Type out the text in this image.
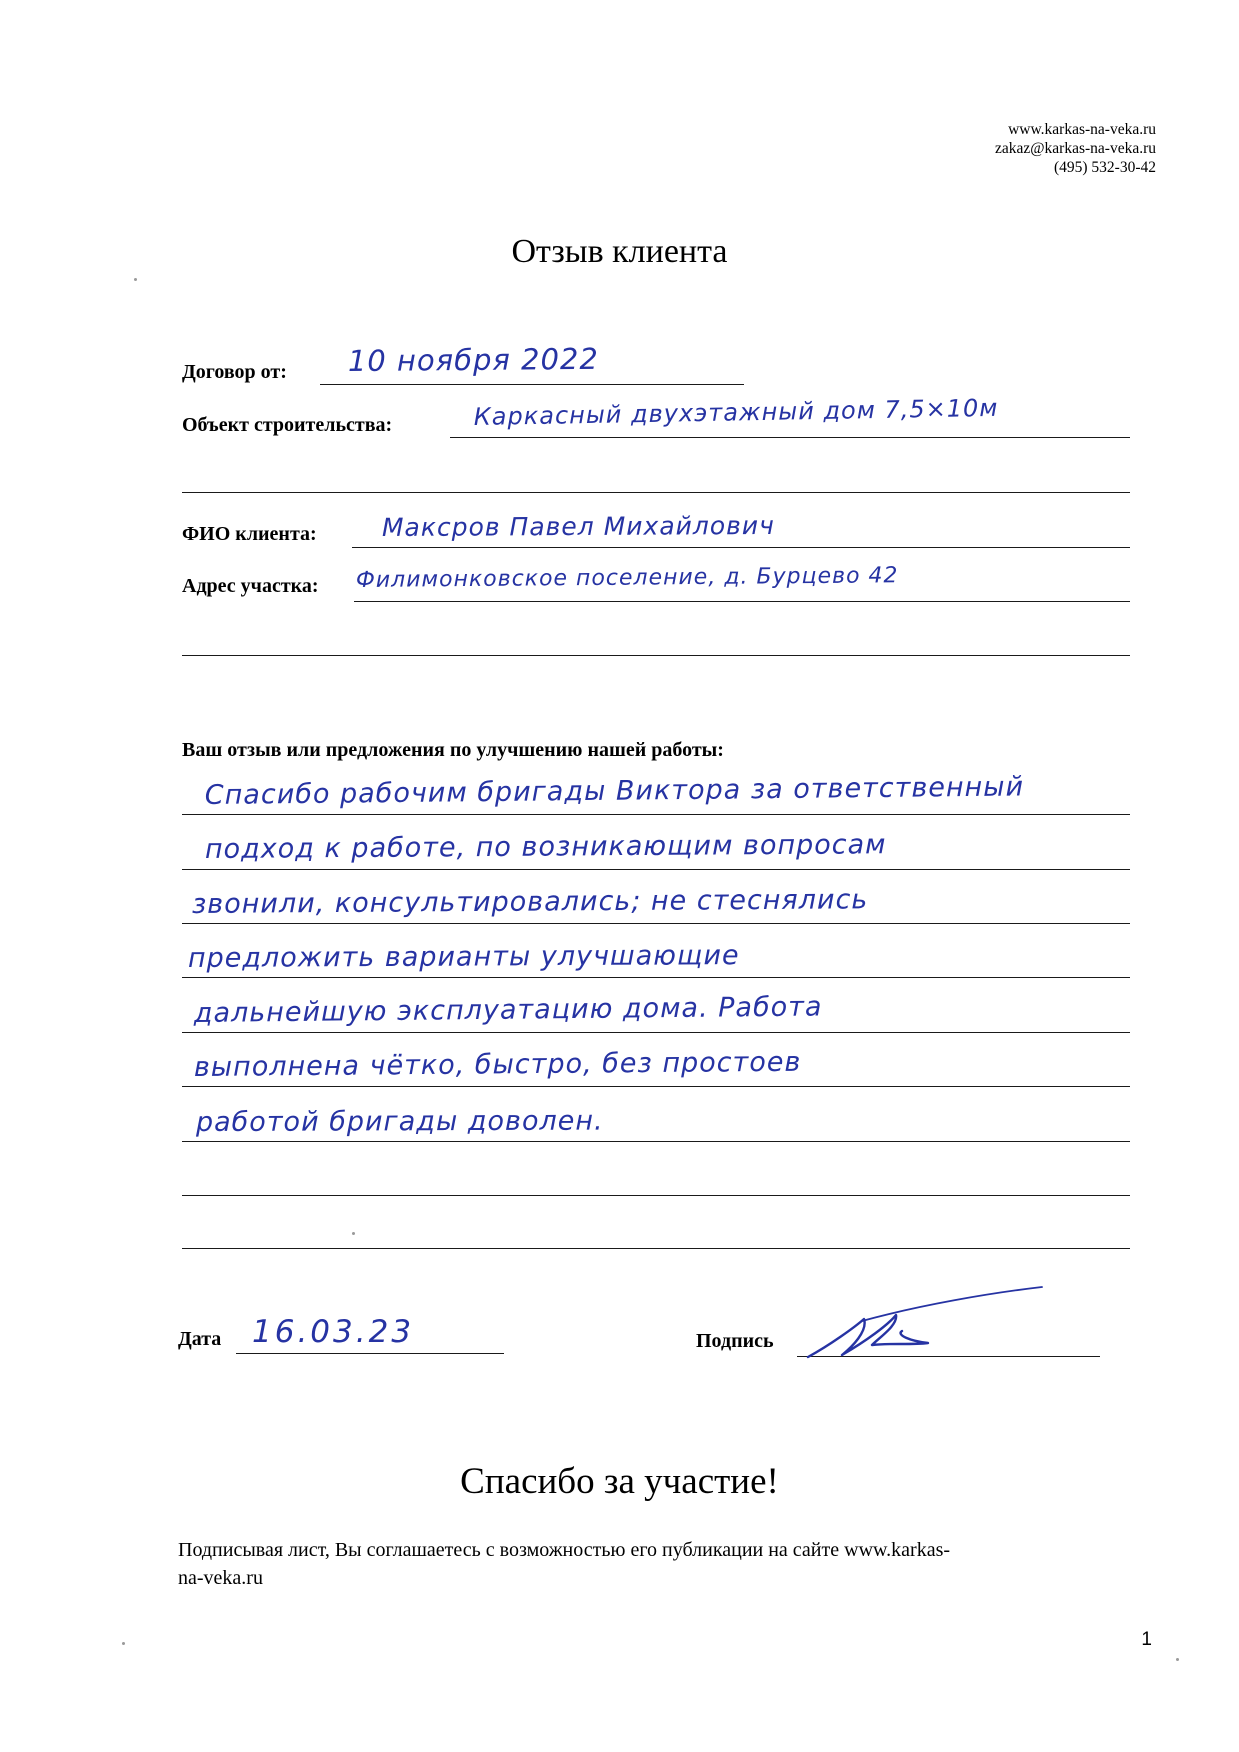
www.karkas-na-veka.ru
zakaz@karkas-na-veka.ru
(495) 532-30-42
Отзыв клиента
Договор от: 10 ноября 2022
Объект строительства:	Каркасный двухэтажный дом 7,5×10м
ФИО клиента:	Максров Павел Михайлович
Адрес участка: Филимонковское поселение, д. Бурцево 42
Ваш отзыв или предложения по улучшению нашей работы:
Спасибо рабочим бригады Виктора за ответственный
подход к работе, по возникающим вопросам
звонили, консультировались; не стеснялись
предложить варианты улучшающие
дальнейшую эксплуатацию дома. Работа
выполнена чётко, быстро, без простоев
работой бригады доволен.
Дата 16.03.23	Подпись
Спасибо за участие!
Подписывая лист, Вы соглашаетесь с возможностью его публикации на сайте www.karkas-
na-veka.ru
1
